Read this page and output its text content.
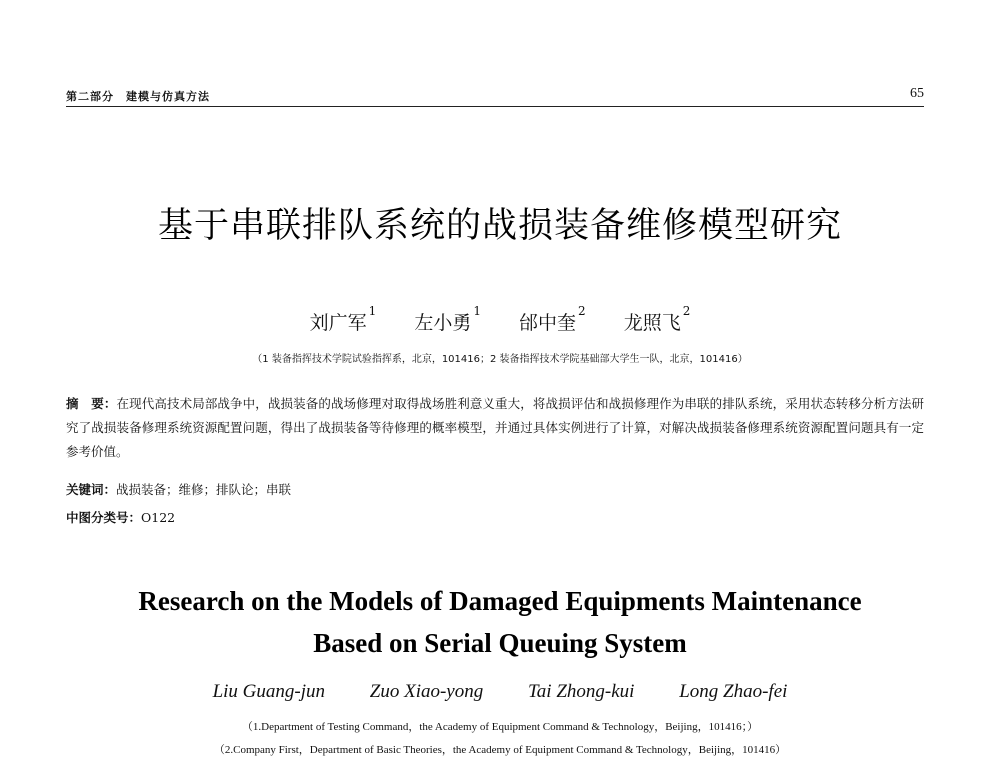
第二部分　建模与仿真方法	65
基于串联排队系统的战损装备维修模型研究
刘广军$^1$ 左小勇$^1$ 邰中奎$^2$ 龙照飞$^2$
（1 装备指挥技术学院试验指挥系，北京，101416；2 装备指挥技术学院基础部大学生一队，北京，101416）
摘　要：在现代高技术局部战争中，战损装备的战场修理对取得战场胜利意义重大，将战损评估和战损修理作为串联的排队系统，采用状态转移分析方法研究了战损装备修理系统资源配置问题，得出了战损装备等待修理的概率模型，并通过具体实例进行了计算，对解决战损装备修理系统资源配置问题具有一定参考价值。
关键词：战损装备；维修；排队论；串联
中图分类号：O122
Research on the Models of Damaged Equipments Maintenance
Based on Serial Queuing System
Liu Guang-jun Zuo Xiao-yong Tai Zhong-kui Long Zhao-fei
（1.Department of Testing Command，the Academy of Equipment Command & Technology，Beijing，101416；）
（2.Company First，Department of Basic Theories，the Academy of Equipment Command & Technology，Beijing，101416）
